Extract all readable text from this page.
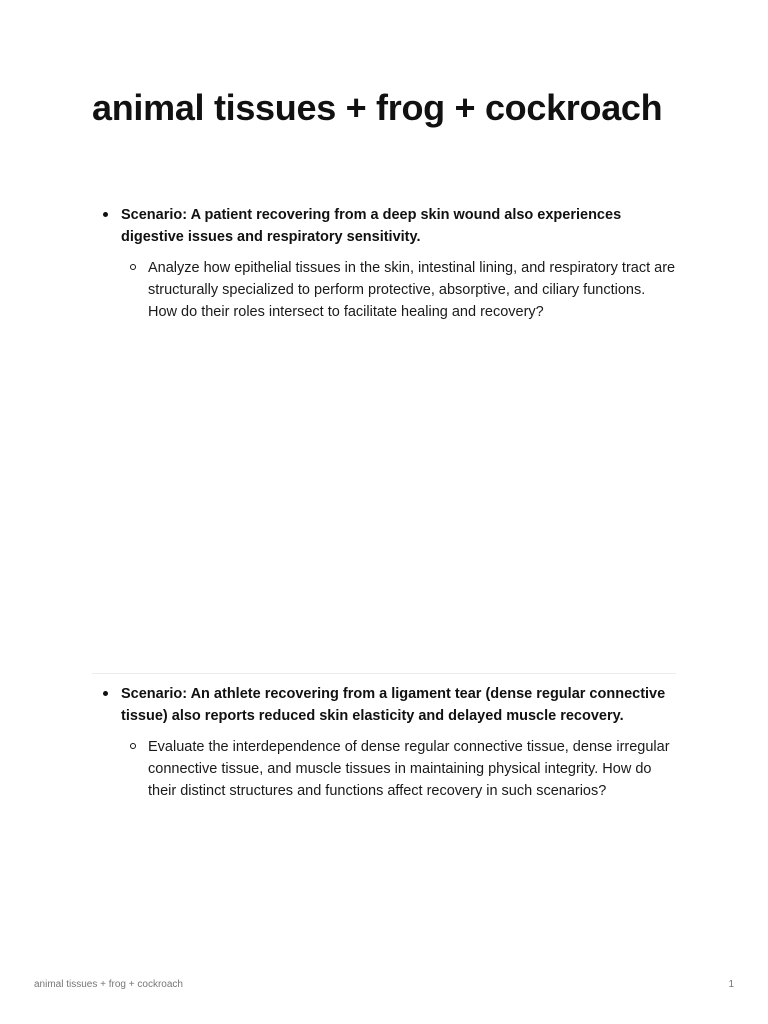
animal tissues + frog + cockroach

Scenario: A patient recovering from a deep skin wound also experiences digestive issues and respiratory sensitivity.

Analyze how epithelial tissues in the skin, intestinal lining, and respiratory tract are structurally specialized to perform protective, absorptive, and ciliary functions. How do their roles intersect to facilitate healing and recovery?

Scenario: An athlete recovering from a ligament tear (dense regular connective tissue) also reports reduced skin elasticity and delayed muscle recovery.

Evaluate the interdependence of dense regular connective tissue, dense irregular connective tissue, and muscle tissues in maintaining physical integrity. How do their distinct structures and functions affect recovery in such scenarios?

animal tissues + frog + cockroach	1
